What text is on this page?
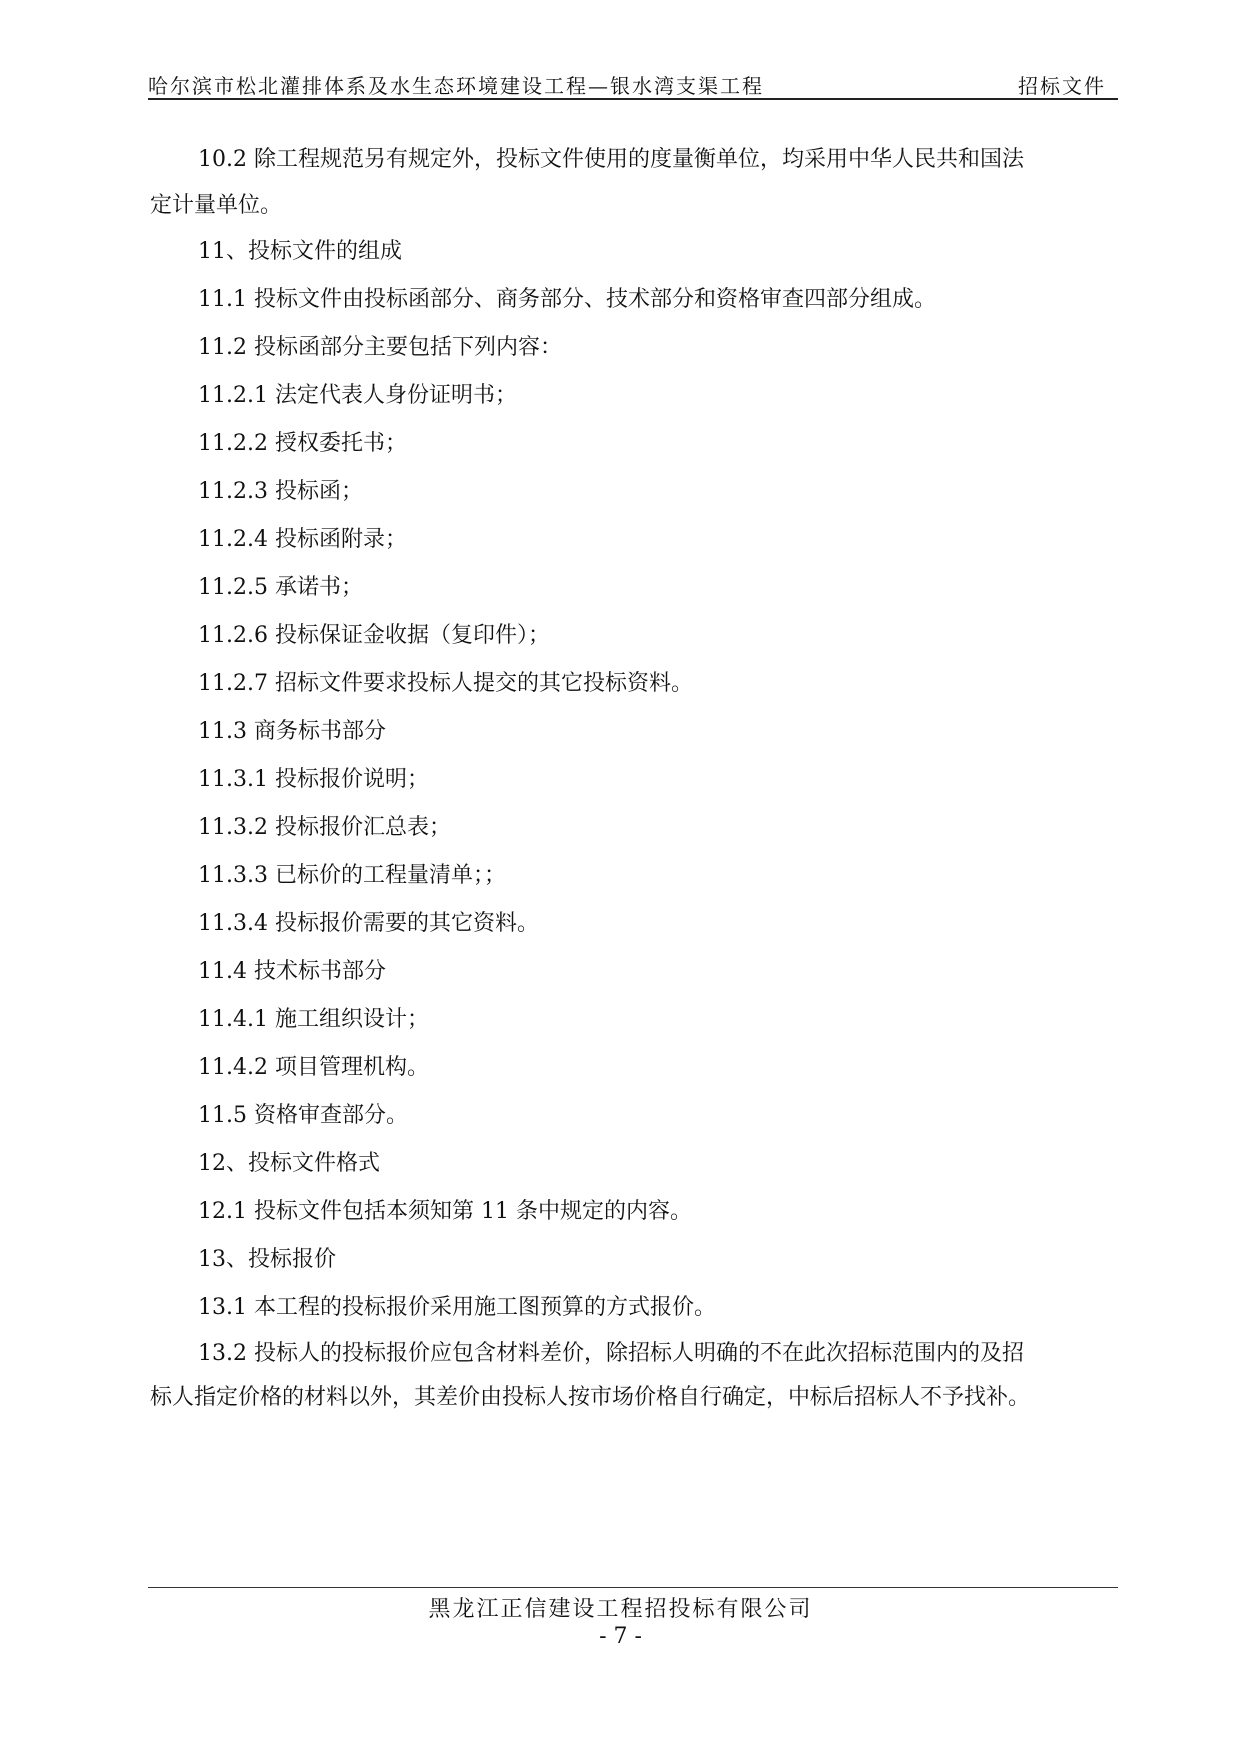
哈尔滨市松北灌排体系及水生态环境建设工程—银水湾支渠工程	招标文件

10.2 除工程规范另有规定外，投标文件使用的度量衡单位，均采用中华人民共和国法

定计量单位。

11、投标文件的组成

11.1 投标文件由投标函部分、商务部分、技术部分和资格审查四部分组成。

11.2 投标函部分主要包括下列内容：

11.2.1 法定代表人身份证明书；

11.2.2 授权委托书；

11.2.3 投标函；

11.2.4 投标函附录；

11.2.5 承诺书；

11.2.6 投标保证金收据（复印件）；

11.2.7 招标文件要求投标人提交的其它投标资料。

11.3 商务标书部分

11.3.1 投标报价说明；

11.3.2 投标报价汇总表；

11.3.3 已标价的工程量清单；；

11.3.4 投标报价需要的其它资料。

11.4 技术标书部分

11.4.1 施工组织设计；

11.4.2 项目管理机构。

11.5 资格审查部分。

12、投标文件格式

12.1 投标文件包括本须知第 11 条中规定的内容。

13、投标报价

13.1 本工程的投标报价采用施工图预算的方式报价。

13.2 投标人的投标报价应包含材料差价，除招标人明确的不在此次招标范围内的及招

标人指定价格的材料以外，其差价由投标人按市场价格自行确定，中标后招标人不予找补。

黑龙江正信建设工程招投标有限公司
- 7 -
